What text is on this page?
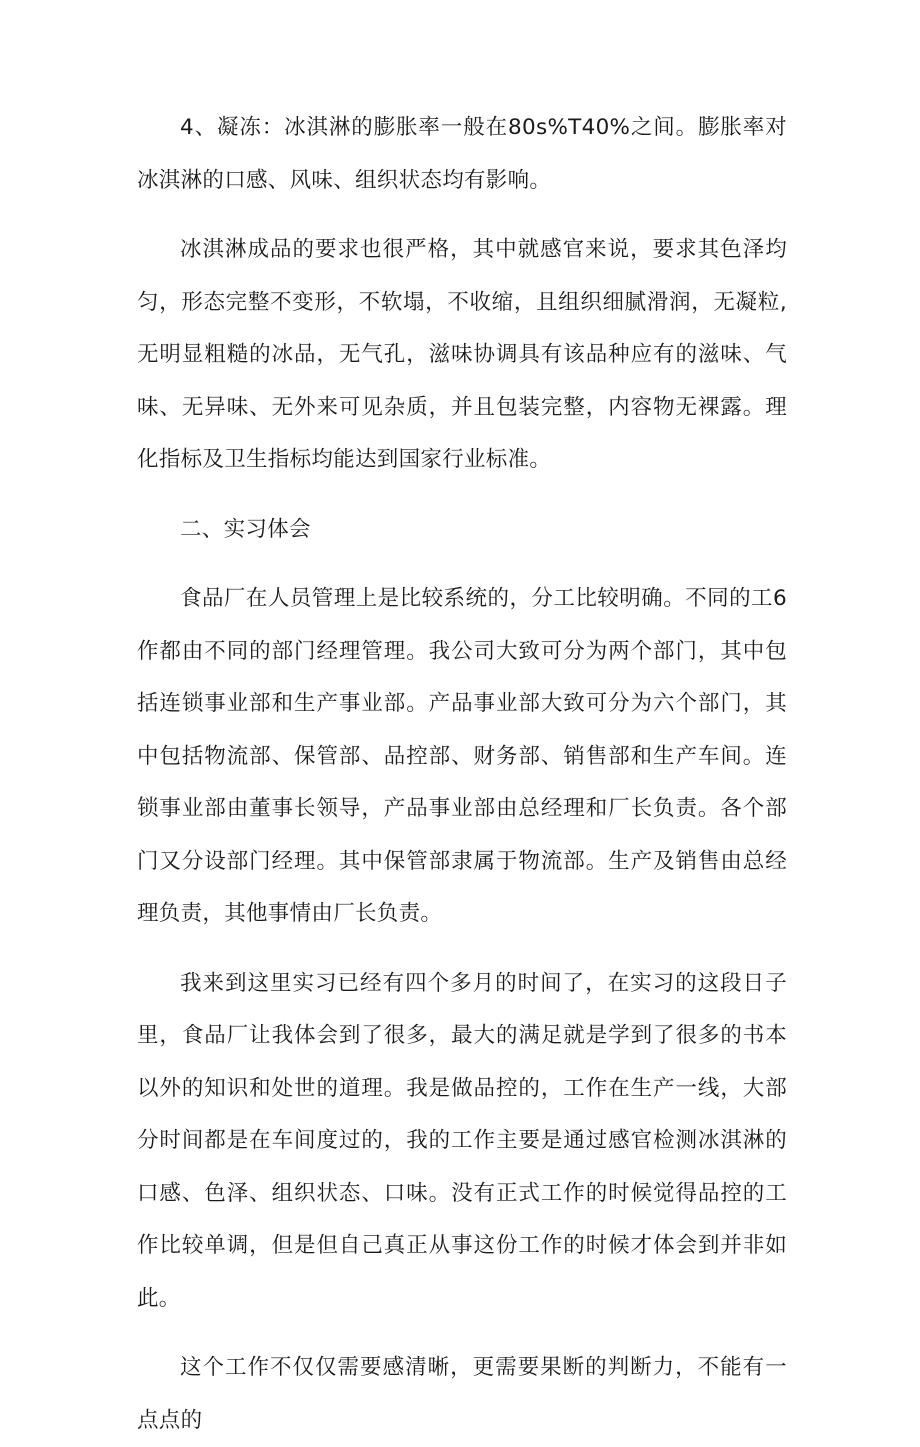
4、凝冻：冰淇淋的膨胀率一般在80s%T40%之间。膨胀率对冰淇淋的口感、风味、组织状态均有影响。

冰淇淋成品的要求也很严格，其中就感官来说，要求其色泽均匀，形态完整不变形，不软塌，不收缩，且组织细腻滑润，无凝粒,无明显粗糙的冰品，无气孔，滋味协调具有该品种应有的滋味、气味、无异味、无外来可见杂质，并且包装完整，内容物无裸露。理化指标及卫生指标均能达到国家行业标准。

二、实习体会

食品厂在人员管理上是比较系统的，分工比较明确。不同的工6作都由不同的部门经理管理。我公司大致可分为两个部门，其中包括连锁事业部和生产事业部。产品事业部大致可分为六个部门，其中包括物流部、保管部、品控部、财务部、销售部和生产车间。连锁事业部由董事长领导，产品事业部由总经理和厂长负责。各个部门又分设部门经理。其中保管部隶属于物流部。生产及销售由总经理负责，其他事情由厂长负责。

我来到这里实习已经有四个多月的时间了，在实习的这段日子里，食品厂让我体会到了很多，最大的满足就是学到了很多的书本以外的知识和处世的道理。我是做品控的，工作在生产一线，大部分时间都是在车间度过的，我的工作主要是通过感官检测冰淇淋的口感、色泽、组织状态、口味。没有正式工作的时候觉得品控的工作比较单调，但是但自己真正从事这份工作的时候才体会到并非如此。

这个工作不仅仅需要感清晰，更需要果断的判断力，不能有一点点的
